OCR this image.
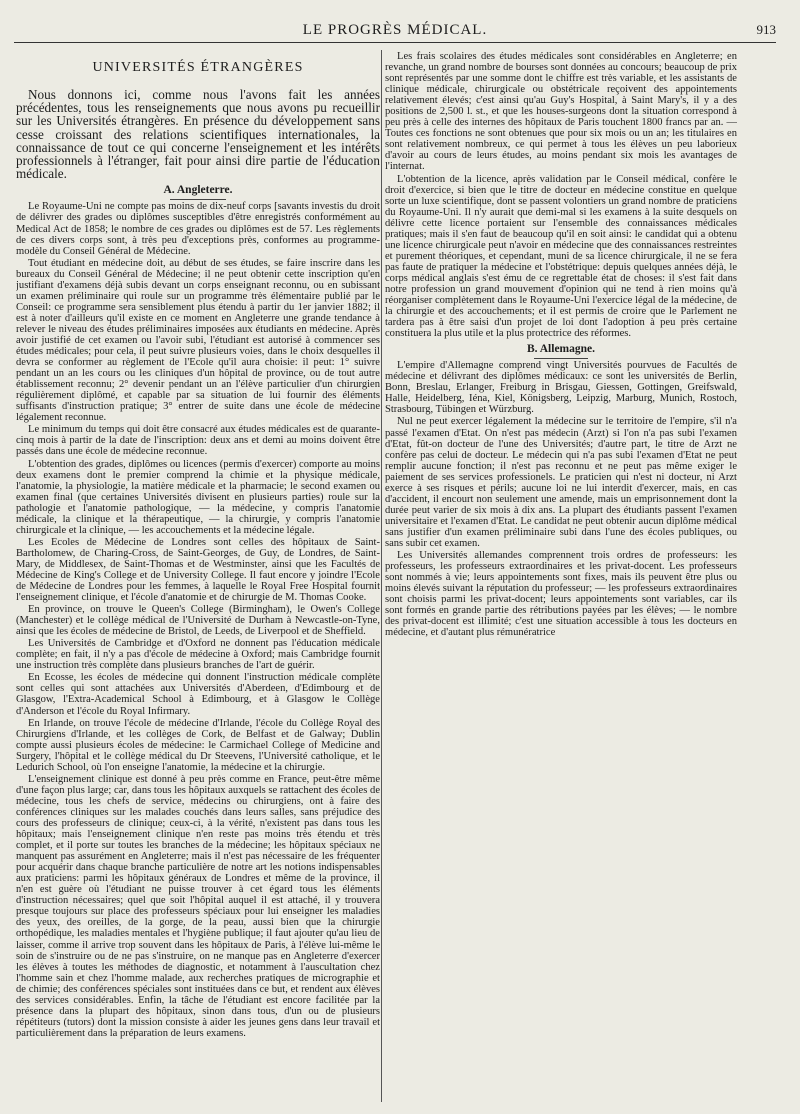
LE PROGRÈS MÉDICAL.	913
UNIVERSITÉS ÉTRANGÈRES

Nous donnons ici, comme nous l'avons fait les années précédentes, tous les renseignements que nous avons pu recueillir sur les Universités étrangères. En présence du développement sans cesse croissant des relations scientifiques internationales, la connaissance de tout ce qui concerne l'enseignement et les intérêts professionnels à l'étranger, fait pour ainsi dire partie de l'éducation médicale.

A. Angleterre.

Le Royaume-Uni ne compte pas moins de dix-neuf corps [savants investis du droit de délivrer des grades ou diplômes susceptibles d'être enregistrés conformément au Medical Act de 1858; le nombre de ces grades ou diplômes est de 57. Les règlements de ces divers corps sont, à très peu d'exceptions près, conformes au programme-modèle du Conseil Général de Médecine.

Tout étudiant en médecine doit, au début de ses études, se faire inscrire dans les bureaux du Conseil Général de Médecine; il ne peut obtenir cette inscription qu'en justifiant d'examens déjà subis devant un corps enseignant reconnu, ou en subissant un examen préliminaire qui roule sur un programme très élémentaire publié par le Conseil: ce programme sera sensiblement plus étendu à partir du 1er janvier 1882; il est à noter d'ailleurs qu'il existe en ce moment en Angleterre une grande tendance à relever le niveau des études préliminaires imposées aux étudiants en médecine. Après avoir justifié de cet examen ou l'avoir subi, l'étudiant est autorisé à commencer ses études médicales; pour cela, il peut suivre plusieurs voies, dans le choix desquelles il devra se conformer au règlement de l'Ecole qu'il aura choisie: il peut: 1° suivre pendant un an les cours ou les cliniques d'un hôpital de province, ou de tout autre établissement reconnu; 2° devenir pendant un an l'élève particulier d'un chirurgien régulièrement diplômé, et capable par sa situation de lui fournir des éléments suffisants d'instruction pratique; 3° entrer de suite dans une école de médecine légalement reconnue.

Le minimum du temps qui doit être consacré aux études médicales est de quarante-cinq mois à partir de la date de l'inscription: deux ans et demi au moins doivent être passés dans une école de médecine reconnue.

L'obtention des grades, diplômes ou licences (permis d'exercer) comporte au moins deux examens dont le premier comprend la chimie et la physique médicale, l'anatomie, la physiologie, la matière médicale et la pharmacie; le second examen ou examen final (que certaines Universités divisent en plusieurs parties) roule sur la pathologie et l'anatomie pathologique, — la médecine, y compris l'anatomie médicale, la clinique et la thérapeutique, — la chirurgie, y compris l'anatomie chirurgicale et la clinique, — les accouchements et la médecine légale.

Les Ecoles de Médecine de Londres sont celles des hôpitaux de Saint-Bartholomew, de Charing-Cross, de Saint-Georges, de Guy, de Londres, de Saint-Mary, de Middlesex, de Saint-Thomas et de Westminster, ainsi que les Facultés de Médecine de King's College et de University College. Il faut encore y joindre l'Ecole de Médecine de Londres pour les femmes, à laquelle le Royal Free Hospital fournit l'enseignement clinique, et l'école d'anatomie et de chirurgie de M. Thomas Cooke.

En province, on trouve le Queen's College (Birmingham), le Owen's College (Manchester) et le collège médical de l'Université de Durham à Newcastle-on-Tyne, ainsi que les écoles de médecine de Bristol, de Leeds, de Liverpool et de Sheffield.

Les Universités de Cambridge et d'Oxford ne donnent pas l'éducation médicale complète; en fait, il n'y a pas d'école de médecine à Oxford; mais Cambridge fournit une instruction très complète dans plusieurs branches de l'art de guérir.

En Ecosse, les écoles de médecine qui donnent l'instruction médicale complète sont celles qui sont attachées aux Universités d'Aberdeen, d'Edimbourg et de Glasgow, l'Extra-Academical School à Edimbourg, et à Glasgow le Collège d'Anderson et l'école du Royal Infirmary.

En Irlande, on trouve l'école de médecine d'Irlande, l'école du Collège Royal des Chirurgiens d'Irlande, et les collèges de Cork, de Belfast et de Galway; Dublin compte aussi plusieurs écoles de médecine: le Carmichael College of Medicine and Surgery, l'hôpital et le collège médical du Dr Steevens, l'Université catholique, et le Ledurich School, où l'on enseigne l'anatomie, la médecine et la chirurgie.

L'enseignement clinique est donné à peu près comme en France, peut-être même d'une façon plus large; car, dans tous les hôpitaux auxquels se rattachent des écoles de médecine, tous les chefs de service, médecins ou chirurgiens, ont à faire des conférences cliniques sur les malades couchés dans leurs salles, sans préjudice des cours des professeurs de clinique; ceux-ci, à la vérité, n'existent pas dans tous les hôpitaux; mais l'enseignement clinique n'en reste pas moins très étendu et très complet, et il porte sur toutes les branches de la médecine; les hôpitaux spéciaux ne manquent pas assurément en Angleterre; mais il n'est pas nécessaire de les fréquenter pour acquérir dans chaque branche particulière de notre art les notions indispensables aux praticiens: parmi les hôpitaux généraux de Londres et même de la province, il n'en est guère où l'étudiant ne puisse trouver à cet égard tous les éléments d'instruction nécessaires; quel que soit l'hôpital auquel il est attaché, il y trouvera presque toujours sur place des professeurs spéciaux pour lui enseigner les maladies des yeux, des oreilles, de la gorge, de la peau, aussi bien que la chirurgie orthopédique, les maladies mentales et l'hygiène publique; il faut ajouter qu'au lieu de laisser, comme il arrive trop souvent dans les hôpitaux de Paris, à l'élève lui-même le soin de s'instruire ou de ne pas s'instruire, on ne manque pas en Angleterre d'exercer les élèves à toutes les méthodes de diagnostic, et notamment à l'auscultation chez l'homme sain et chez l'homme malade, aux recherches pratiques de micrographie et de chimie; des conférences spéciales sont instituées dans ce but, et rendent aux élèves des services considérables. Enfin, la tâche de l'étudiant est encore facilitée par la présence dans la plupart des hôpitaux, sinon dans tous, d'un ou de plusieurs répétiteurs (tutors) dont la mission consiste à aider les jeunes gens dans leur travail et particulièrement dans la préparation de leurs examens.

Les frais scolaires des études médicales sont considérables en Angleterre; en revanche, un grand nombre de bourses sont données au concours; beaucoup de prix sont représentés par une somme dont le chiffre est très variable, et les assistants de clinique médicale, chirurgicale ou obstétricale reçoivent des appointements relativement élevés; c'est ainsi qu'au Guy's Hospital, à Saint Mary's, il y a des positions de 2,500 l. st., et que les houses-surgeons dont la situation correspond à peu près à celle des internes des hôpitaux de Paris touchent 1800 francs par an. — Toutes ces fonctions ne sont obtenues que pour six mois ou un an; les titulaires en sont relativement nombreux, ce qui permet à tous les élèves un peu laborieux d'avoir au cours de leurs études, au moins pendant six mois les avantages de l'internat.

L'obtention de la licence, après validation par le Conseil médical, confère le droit d'exercice, si bien que le titre de docteur en médecine constitue en quelque sorte un luxe scientifique, dont se passent volontiers un grand nombre de praticiens du Royaume-Uni. Il n'y aurait que demi-mal si les examens à la suite desquels on délivre cette licence portaient sur l'ensemble des connaissances médicales pratiques; mais il s'en faut de beaucoup qu'il en soit ainsi: le candidat qui a obtenu une licence chirurgicale peut n'avoir en médecine que des connaissances restreintes et purement théoriques, et cependant, muni de sa licence chirurgicale, il ne se fera pas faute de pratiquer la médecine et l'obstétrique: depuis quelques années déjà, le corps médical anglais s'est ému de ce regrettable état de choses: il s'est fait dans notre profession un grand mouvement d'opinion qui ne tend à rien moins qu'à réorganiser complètement dans le Royaume-Uni l'exercice légal de la médecine, de la chirurgie et des accouchements; et il est permis de croire que le Parlement ne tardera pas à être saisi d'un projet de loi dont l'adoption à peu près certaine constituera la plus utile et la plus protectrice des réformes.

B. Allemagne.

L'empire d'Allemagne comprend vingt Universités pourvues de Facultés de médecine et délivrant des diplômes médicaux: ce sont les universités de Berlin, Bonn, Breslau, Erlanger, Freiburg in Brisgau, Giessen, Gottingen, Greifswald, Halle, Heidelberg, Iéna, Kiel, Königsberg, Leipzig, Marburg, Munich, Rostoch, Strasbourg, Tübingen et Würzburg.

Nul ne peut exercer légalement la médecine sur le territoire de l'empire, s'il n'a passé l'examen d'Etat. On n'est pas médecin (Arzt) si l'on n'a pas subi l'examen d'Etat, fût-on docteur de l'une des Universités; d'autre part, le titre de Arzt ne confère pas celui de docteur. Le médecin qui n'a pas subi l'examen d'Etat ne peut remplir aucune fonction; il n'est pas reconnu et ne peut pas même exiger le paiement de ses services professionels. Le praticien qui n'est ni docteur, ni Arzt exerce à ses risques et périls; aucune loi ne lui interdit d'exercer, mais, en cas d'accident, il encourt non seulement une amende, mais un emprisonnement dont la durée peut varier de six mois à dix ans. La plupart des étudiants passent l'examen universitaire et l'examen d'Etat. Le candidat ne peut obtenir aucun diplôme médical sans justifier d'un examen préliminaire subi dans l'une des écoles publiques, ou sans subir cet examen.

Les Universités allemandes comprennent trois ordres de professeurs: les professeurs, les professeurs extraordinaires et les privat-docent. Les professeurs sont nommés à vie; leurs appointements sont fixes, mais ils peuvent être plus ou moins élevés suivant la réputation du professeur; — les professeurs extraordinaires sont choisis parmi les privat-docent; leurs appointements sont variables, car ils sont formés en grande partie des rétributions payées par les élèves; — le nombre des privat-docent est illimité; c'est une situation accessible à tous les docteurs en médecine, et d'autant plus rémunératrice
